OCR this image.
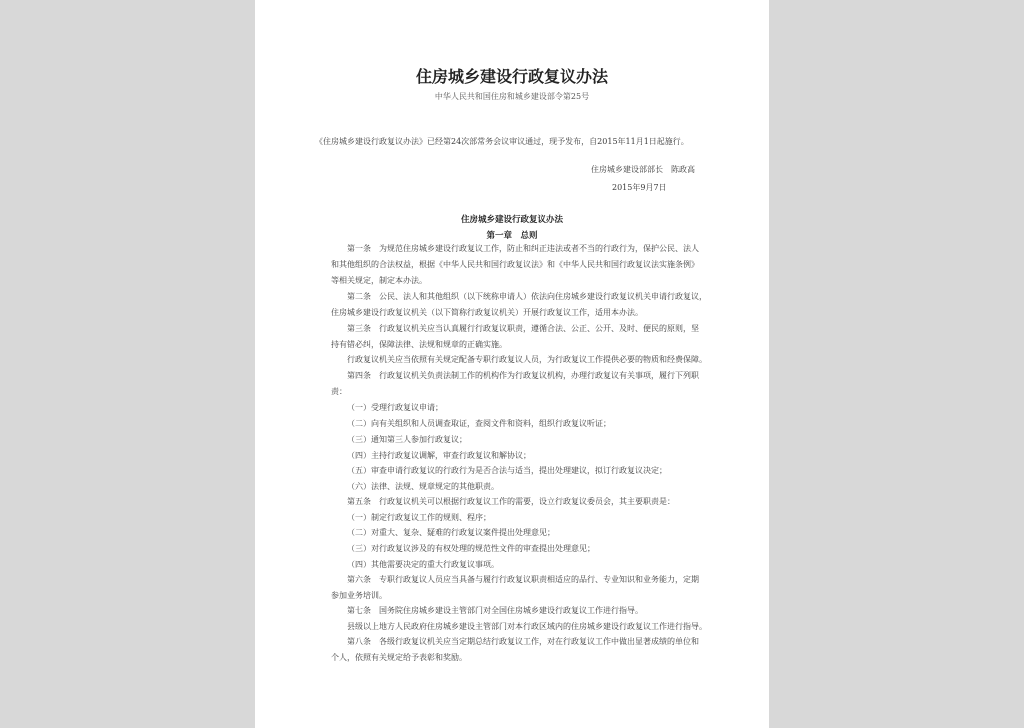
住房城乡建设行政复议办法
中华人民共和国住房和城乡建设部令第25号
《住房城乡建设行政复议办法》已经第24次部常务会议审议通过，现予发布，自2015年11月1日起施行。
住房城乡建设部部长　陈政高
2015年9月7日
住房城乡建设行政复议办法
第一章　总则
第一条　为规范住房城乡建设行政复议工作，防止和纠正违法或者不当的行政行为，保护公民、法人
和其他组织的合法权益，根据《中华人民共和国行政复议法》和《中华人民共和国行政复议法实施条例》
等相关规定，制定本办法。
第二条　公民、法人和其他组织（以下统称申请人）依法向住房城乡建设行政复议机关申请行政复议，
住房城乡建设行政复议机关（以下简称行政复议机关）开展行政复议工作，适用本办法。
第三条　行政复议机关应当认真履行行政复议职责，遵循合法、公正、公开、及时、便民的原则，坚
持有错必纠，保障法律、法规和规章的正确实施。
行政复议机关应当依照有关规定配备专职行政复议人员，为行政复议工作提供必要的物质和经费保障。
第四条　行政复议机关负责法制工作的机构作为行政复议机构，办理行政复议有关事项，履行下列职
责：
（一）受理行政复议申请；
（二）向有关组织和人员调查取证，查阅文件和资料，组织行政复议听证；
（三）通知第三人参加行政复议；
（四）主持行政复议调解，审查行政复议和解协议；
（五）审查申请行政复议的行政行为是否合法与适当，提出处理建议，拟订行政复议决定；
（六）法律、法规、规章规定的其他职责。
第五条　行政复议机关可以根据行政复议工作的需要，设立行政复议委员会，其主要职责是：
（一）制定行政复议工作的规则、程序；
（二）对重大、复杂、疑难的行政复议案件提出处理意见；
（三）对行政复议涉及的有权处理的规范性文件的审查提出处理意见；
（四）其他需要决定的重大行政复议事项。
第六条　专职行政复议人员应当具备与履行行政复议职责相适应的品行、专业知识和业务能力，定期
参加业务培训。
第七条　国务院住房城乡建设主管部门对全国住房城乡建设行政复议工作进行指导。
县级以上地方人民政府住房城乡建设主管部门对本行政区域内的住房城乡建设行政复议工作进行指导。
第八条　各级行政复议机关应当定期总结行政复议工作，对在行政复议工作中做出显著成绩的单位和
个人，依照有关规定给予表彰和奖励。
